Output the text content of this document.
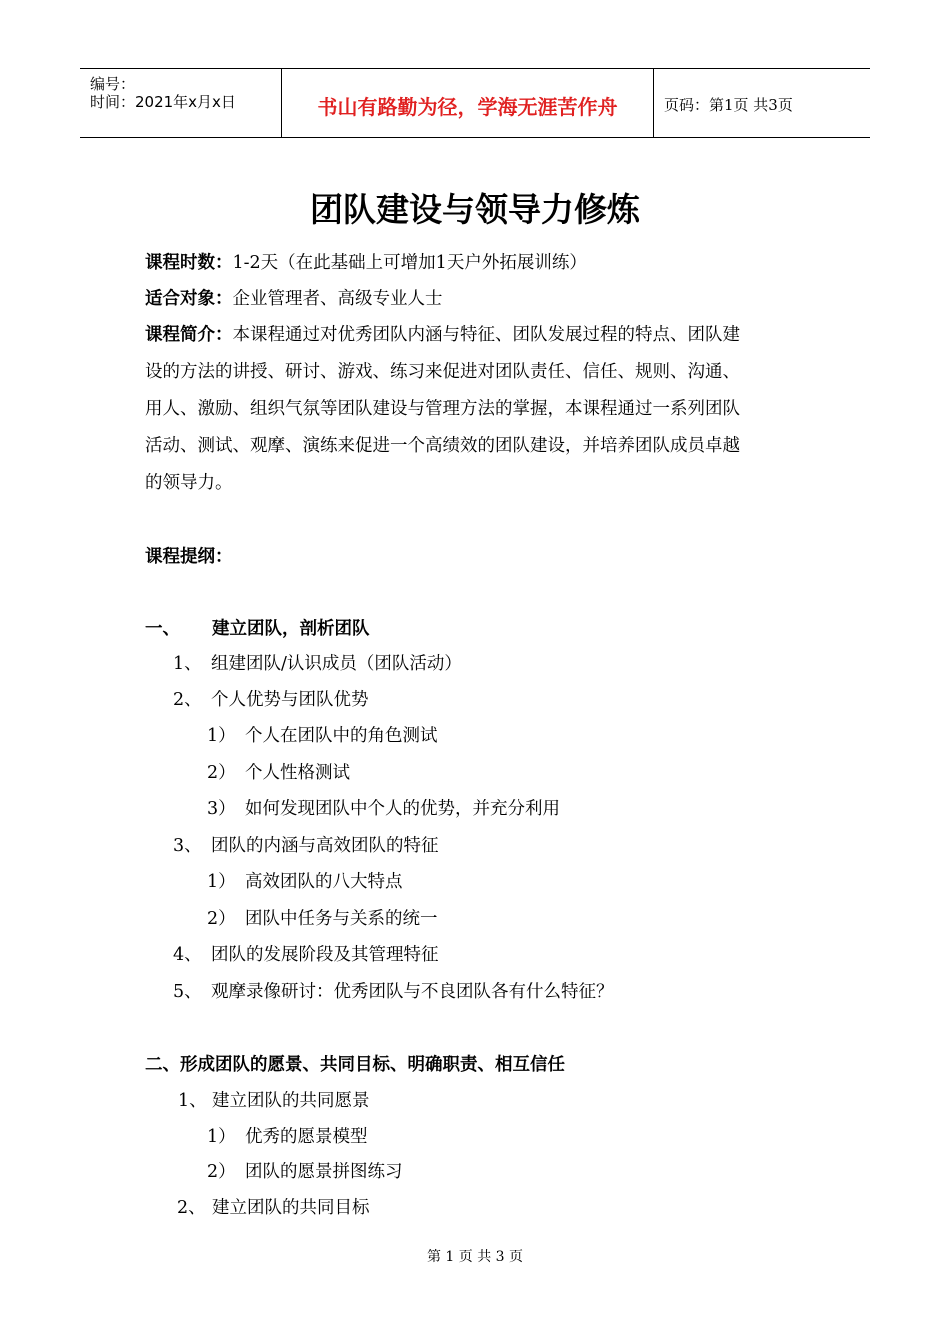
编号：
时间：2021年x月x日	书山有路勤为径，学海无涯苦作舟	页码：第1页 共3页
团队建设与领导力修炼
课程时数：1-2天（在此基础上可增加1天户外拓展训练）
适合对象：企业管理者、高级专业人士
课程简介：本课程通过对优秀团队内涵与特征、团队发展过程的特点、团队建
设的方法的讲授、研讨、游戏、练习来促进对团队责任、信任、规则、沟通、
用人、激励、组织气氛等团队建设与管理方法的掌握，本课程通过一系列团队
活动、测试、观摩、演练来促进一个高绩效的团队建设，并培养团队成员卓越
的领导力。
课程提纲：
一、 建立团队，剖析团队
1、 组建团队/认识成员（团队活动）
2、 个人优势与团队优势
1） 个人在团队中的角色测试
2） 个人性格测试
3） 如何发现团队中个人的优势，并充分利用
3、 团队的内涵与高效团队的特征
1） 高效团队的八大特点
2） 团队中任务与关系的统一
4、 团队的发展阶段及其管理特征
5、 观摩录像研讨：优秀团队与不良团队各有什么特征？
二、形成团队的愿景、共同目标、明确职责、相互信任
1、 建立团队的共同愿景
1） 优秀的愿景模型
2） 团队的愿景拼图练习
2、 建立团队的共同目标
第 1 页 共 3 页
